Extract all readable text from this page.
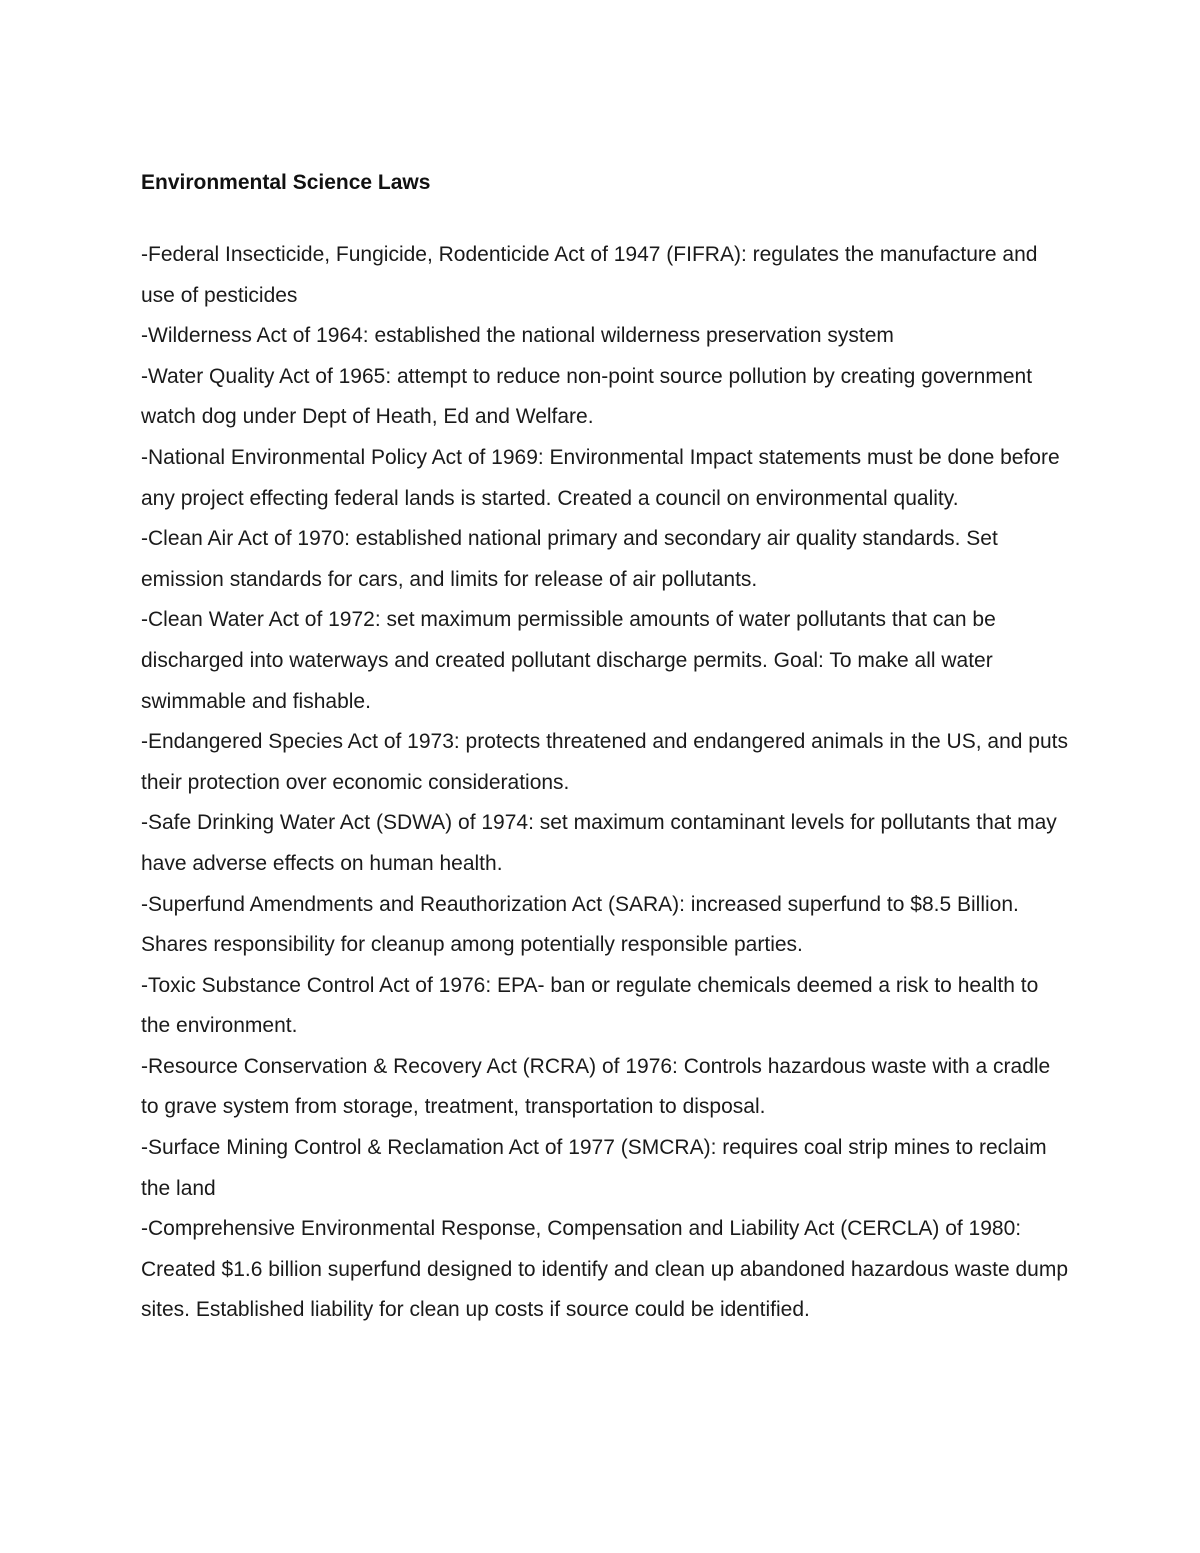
Environmental Science Laws
-Federal Insecticide, Fungicide, Rodenticide Act of 1947 (FIFRA): regulates the manufacture and use of pesticides
-Wilderness Act of 1964: established the national wilderness preservation system
-Water Quality Act of 1965: attempt to reduce non-point source pollution by creating government watch dog under Dept of Heath, Ed and Welfare.
-National Environmental Policy Act of 1969: Environmental Impact statements must be done before any project effecting federal lands is started. Created a council on environmental quality.
-Clean Air Act of 1970: established national primary and secondary air quality standards. Set emission standards for cars, and limits for release of air pollutants.
-Clean Water Act of 1972: set maximum permissible amounts of water pollutants that can be discharged into waterways and created pollutant discharge permits. Goal: To make all water swimmable and fishable.
-Endangered Species Act of 1973: protects threatened and endangered animals in the US, and puts their protection over economic considerations.
-Safe Drinking Water Act (SDWA) of 1974: set maximum contaminant levels for pollutants that may have adverse effects on human health.
-Superfund Amendments and Reauthorization Act (SARA): increased superfund to $8.5 Billion. Shares responsibility for cleanup among potentially responsible parties.
-Toxic Substance Control Act of 1976: EPA- ban or regulate chemicals deemed a risk to health to the environment.
-Resource Conservation & Recovery Act (RCRA) of 1976: Controls hazardous waste with a cradle to grave system from storage, treatment, transportation to disposal.
-Surface Mining Control & Reclamation Act of 1977 (SMCRA): requires coal strip mines to reclaim the land
-Comprehensive Environmental Response, Compensation and Liability Act (CERCLA) of 1980: Created $1.6 billion superfund designed to identify and clean up abandoned hazardous waste dump sites. Established liability for clean up costs if source could be identified.
